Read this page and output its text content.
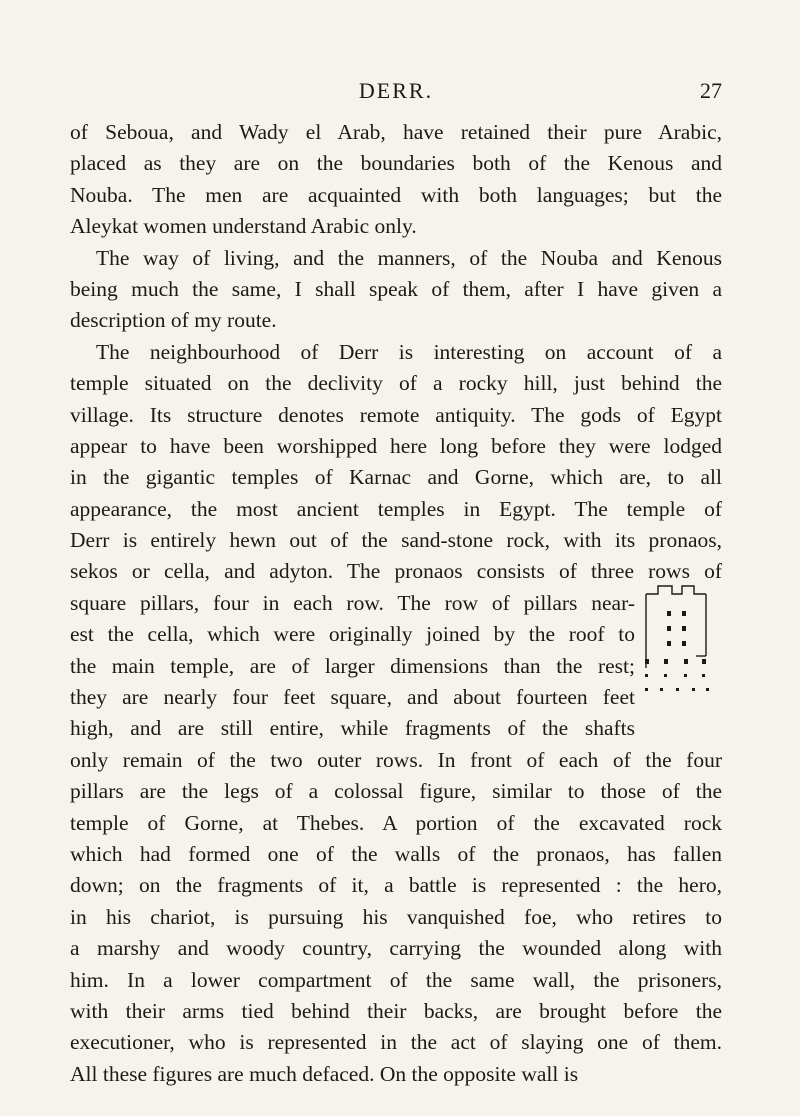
DERR.	27
of Seboua, and Wady el Arab, have retained their pure Arabic,
placed as they are on the boundaries both of the Kenous and
Nouba. The men are acquainted with both languages; but the
Aleykat women understand Arabic only.
The way of living, and the manners, of the Nouba and Kenous
being much the same, I shall speak of them, after I have given a
description of my route.
The neighbourhood of Derr is interesting on account of a
temple situated on the declivity of a rocky hill, just behind the
village. Its structure denotes remote antiquity. The gods of Egypt
appear to have been worshipped here long before they were lodged
in the gigantic temples of Karnac and Gorne, which are, to all
appearance, the most ancient temples in Egypt. The temple of
Derr is entirely hewn out of the sand-stone rock, with its pronaos,
sekos or cella, and adyton. The pronaos consists of three rows of
square pillars, four in each row. The row of pillars near-
est the cella, which were originally joined by the roof to
the main temple, are of larger dimensions than the rest;
they are nearly four feet square, and about fourteen feet
high, and are still entire, while fragments of the shafts
only remain of the two outer rows. In front of each of the four
pillars are the legs of a colossal figure, similar to those of the
temple of Gorne, at Thebes. A portion of the excavated rock
which had formed one of the walls of the pronaos, has fallen
down; on the fragments of it, a battle is represented : the hero,
in his chariot, is pursuing his vanquished foe, who retires to
a marshy and woody country, carrying the wounded along with
him. In a lower compartment of the same wall, the prisoners,
with their arms tied behind their backs, are brought before the
executioner, who is represented in the act of slaying one of them.
All these figures are much defaced. On the opposite wall is
